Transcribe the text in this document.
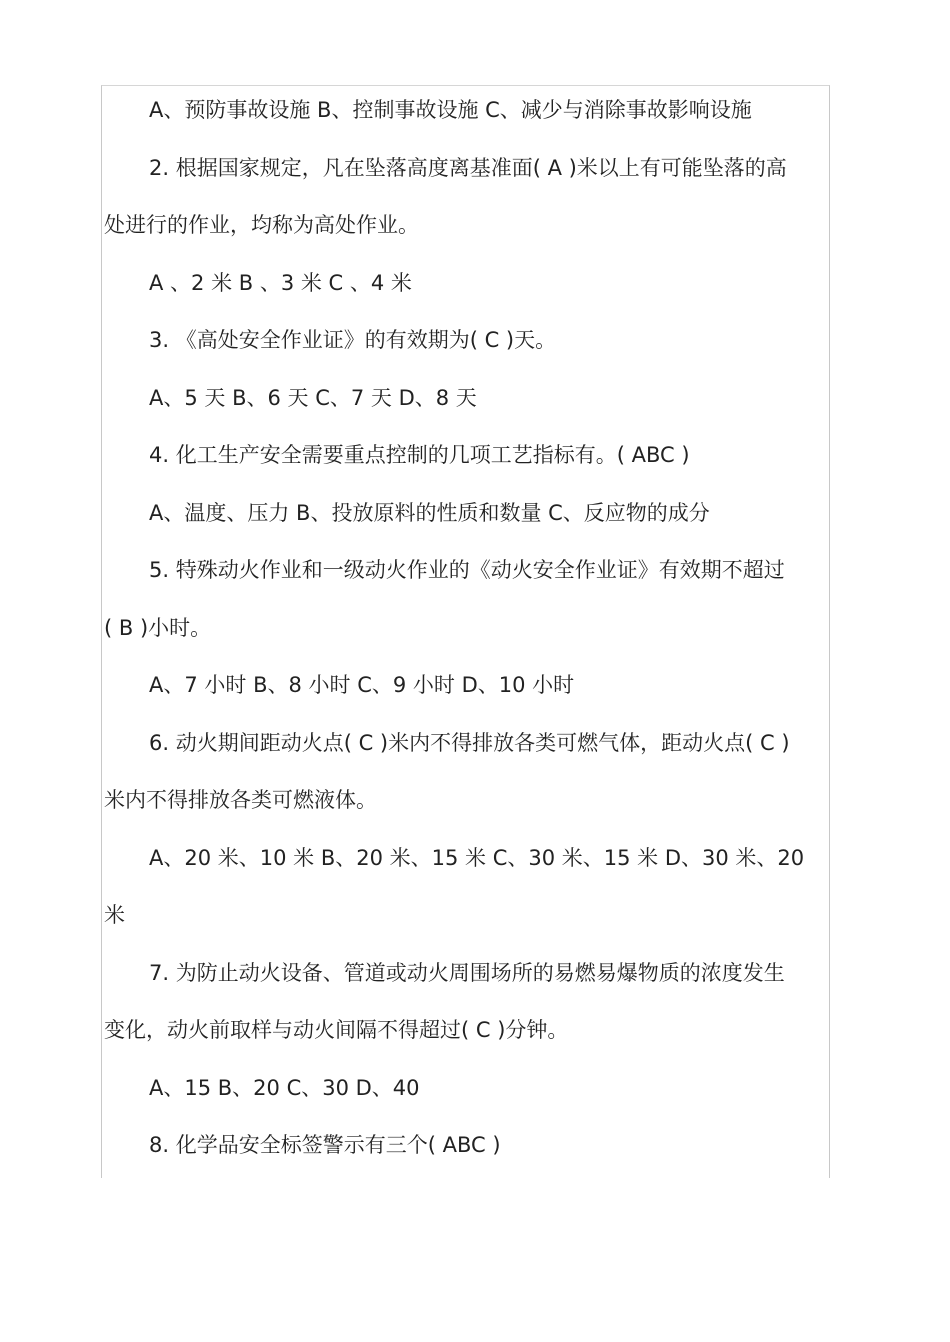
A、预防事故设施 B、控制事故设施 C、减少与消除事故影响设施

2. 根据国家规定，凡在坠落高度离基准面( A )米以上有可能坠落的高

处进行的作业，均称为高处作业。

A 、2 米 B 、3 米 C 、4 米

3. 《高处安全作业证》的有效期为( C )天。

A、5 天 B、6 天 C、7 天 D、8 天

4. 化工生产安全需要重点控制的几项工艺指标有。( ABC )

A、温度、压力 B、投放原料的性质和数量 C、反应物的成分

5. 特殊动火作业和一级动火作业的《动火安全作业证》有效期不超过

( B )小时。

A、7 小时 B、8 小时 C、9 小时 D、10 小时

6. 动火期间距动火点( C )米内不得排放各类可燃气体，距动火点( C )

米内不得排放各类可燃液体。

A、20 米、10 米 B、20 米、15 米 C、30 米、15 米 D、30 米、20

米

7. 为防止动火设备、管道或动火周围场所的易燃易爆物质的浓度发生

变化，动火前取样与动火间隔不得超过( C )分钟。

A、15 B、20 C、30 D、40

8. 化学品安全标签警示有三个( ABC )
